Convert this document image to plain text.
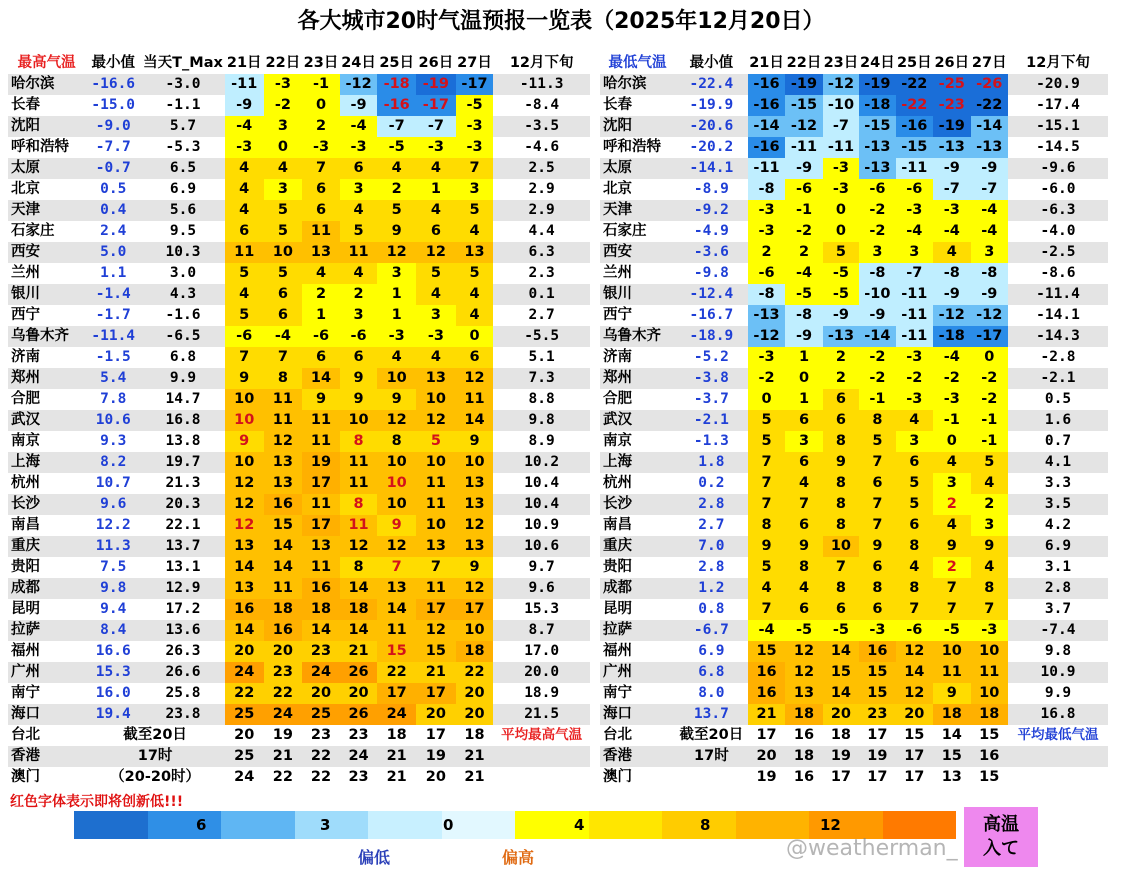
各大城市20时气温预报一览表（2025年12月20日）
最高气温	最小值	当天T_Max	21日	22日	23日	24日	25日	26日	27日	12月下旬
哈尔滨	-16.6	-3.0	-11	-3	-1	-12	-18	-19	-17	-11.3
长春	-15.0	-1.1	-9	-2	0	-9	-16	-17	-5	-8.4
沈阳	-9.0	5.7	-4	3	2	-4	-7	-7	-3	-3.5
呼和浩特	-7.7	-5.3	-3	0	-3	-3	-5	-3	-3	-4.6
太原	-0.7	6.5	4	4	7	6	4	4	7	2.5
北京	0.5	6.9	4	3	6	3	2	1	3	2.9
天津	0.4	5.6	4	5	6	4	5	4	5	2.9
石家庄	2.4	9.5	6	5	11	5	9	6	4	4.4
西安	5.0	10.3	11	10	13	11	12	12	13	6.3
兰州	1.1	3.0	5	5	4	4	3	5	5	2.3
银川	-1.4	4.3	4	6	2	2	1	4	4	0.1
西宁	-1.7	-1.6	5	6	1	3	1	3	4	2.7
乌鲁木齐	-11.4	-6.5	-6	-4	-6	-6	-3	-3	0	-5.5
济南	-1.5	6.8	7	7	6	6	4	4	6	5.1
郑州	5.4	9.9	9	8	14	9	10	13	12	7.3
合肥	7.8	14.7	10	11	9	9	9	10	11	8.8
武汉	10.6	16.8	10	11	11	10	12	12	14	9.8
南京	9.3	13.8	9	12	11	8	8	5	9	8.9
上海	8.2	19.7	10	13	19	11	10	10	10	10.2
杭州	10.7	21.3	12	13	17	11	10	11	13	10.4
长沙	9.6	20.3	12	16	11	8	10	11	13	10.4
南昌	12.2	22.1	12	15	17	11	9	10	12	10.9
重庆	11.3	13.7	13	14	13	12	12	13	13	10.6
贵阳	7.5	13.1	14	14	11	8	7	7	9	9.7
成都	9.8	12.9	13	11	16	14	13	11	12	9.6
昆明	9.4	17.2	16	18	18	18	14	17	17	15.3
拉萨	8.4	13.6	14	16	14	14	11	12	10	8.7
福州	16.6	26.3	20	20	23	21	15	15	18	17.0
广州	15.3	26.6	24	23	24	26	22	21	22	20.0
南宁	16.0	25.8	22	22	20	20	17	17	20	18.9
海口	19.4	23.8	25	24	25	26	24	20	20	21.5
台北	截至20日		20	19	23	23	18	17	18	平均最高气温
香港	17时		25	21	22	24	21	19	21	
澳门	（20-20时）		24	22	22	23	21	20	21	
最低气温	最小值	21日	22日	23日	24日	25日	26日	27日	12月下旬
哈尔滨	-22.4	-16	-19	-12	-19	-22	-25	-26	-20.9
长春	-19.9	-16	-15	-10	-18	-22	-23	-22	-17.4
沈阳	-20.6	-14	-12	-7	-15	-16	-19	-14	-15.1
呼和浩特	-20.2	-16	-11	-11	-13	-15	-13	-13	-14.5
太原	-14.1	-11	-9	-3	-13	-11	-9	-9	-9.6
北京	-8.9	-8	-6	-3	-6	-6	-7	-7	-6.0
天津	-9.2	-3	-1	0	-2	-3	-3	-4	-6.3
石家庄	-4.9	-3	-2	0	-2	-4	-4	-4	-4.0
西安	-3.6	2	2	5	3	3	4	3	-2.5
兰州	-9.8	-6	-4	-5	-8	-7	-8	-8	-8.6
银川	-12.4	-8	-5	-5	-10	-11	-9	-9	-11.4
西宁	-16.7	-13	-8	-9	-9	-11	-12	-12	-14.1
乌鲁木齐	-18.9	-12	-9	-13	-14	-11	-18	-17	-14.3
济南	-5.2	-3	1	2	-2	-3	-4	0	-2.8
郑州	-3.8	-2	0	2	-2	-2	-2	-2	-2.1
合肥	-3.7	0	1	6	-1	-3	-3	-2	0.5
武汉	-2.1	5	6	6	8	4	-1	-1	1.6
南京	-1.3	5	3	8	5	3	0	-1	0.7
上海	1.8	7	6	9	7	6	4	5	4.1
杭州	0.2	7	4	8	6	5	3	4	3.3
长沙	2.8	7	7	8	7	5	2	2	3.5
南昌	2.7	8	6	8	7	6	4	3	4.2
重庆	7.0	9	9	10	9	8	9	9	6.9
贵阳	2.8	5	8	7	6	4	2	4	3.1
成都	1.2	4	4	8	8	8	7	8	2.8
昆明	0.8	7	6	6	6	7	7	7	3.7
拉萨	-6.7	-4	-5	-5	-3	-6	-5	-3	-7.4
福州	6.9	15	12	14	16	12	10	10	9.8
广州	6.8	16	12	15	15	14	11	11	10.9
南宁	8.0	16	13	14	15	12	9	10	9.9
海口	13.7	21	18	20	23	20	18	18	16.8
台北	截至20日	17	16	18	17	15	14	15	平均最低气温
香港	17时	20	18	19	19	17	15	16	
澳门		19	16	17	17	17	13	15	
红色字体表示即将创新低!!!
6	3	0	4	8	12
偏低	偏高
高温
入て
@weatherman_
